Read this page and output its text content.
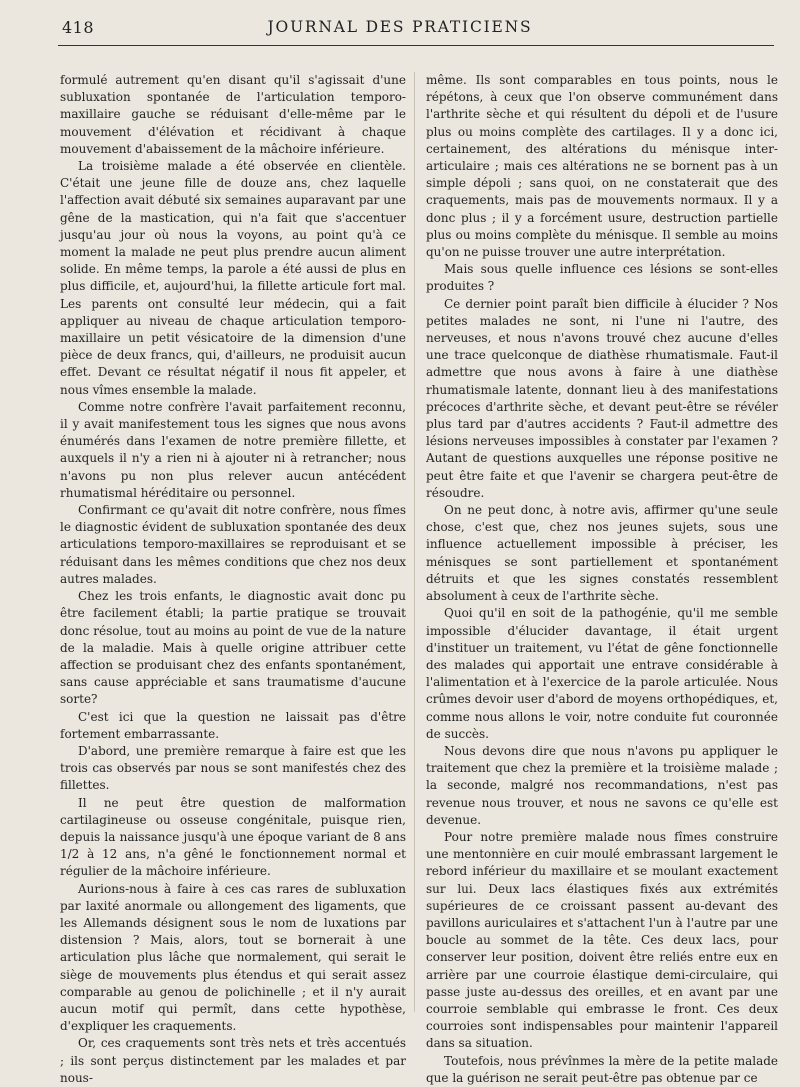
418	JOURNAL DES PRATICIENS

formulé autrement qu'en disant qu'il s'agissait d'une subluxation spontanée de l'articulation temporo-maxillaire gauche se réduisant d'elle-même par le mouvement d'élévation et récidivant à chaque mouvement d'abaissement de la mâchoire inférieure.

La troisième malade a été observée en clientèle. C'était une jeune fille de douze ans, chez laquelle l'affection avait débuté six semaines auparavant par une gêne de la mastication, qui n'a fait que s'accentuer jusqu'au jour où nous la voyons, au point qu'à ce moment la malade ne peut plus prendre aucun aliment solide. En même temps, la parole a été aussi de plus en plus difficile, et, aujourd'hui, la fillette articule fort mal. Les parents ont consulté leur médecin, qui a fait appliquer au niveau de chaque articulation temporo-maxillaire un petit vésicatoire de la dimension d'une pièce de deux francs, qui, d'ailleurs, ne produisit aucun effet. Devant ce résultat négatif il nous fit appeler, et nous vîmes ensemble la malade.

Comme notre confrère l'avait parfaitement reconnu, il y avait manifestement tous les signes que nous avons énumérés dans l'examen de notre première fillette, et auxquels il n'y a rien ni à ajouter ni à retrancher; nous n'avons pu non plus relever aucun antécédent rhumatismal héréditaire ou personnel.

Confirmant ce qu'avait dit notre confrère, nous fîmes le diagnostic évident de subluxation spontanée des deux articulations temporo-maxillaires se reproduisant et se réduisant dans les mêmes conditions que chez nos deux autres malades.

Chez les trois enfants, le diagnostic avait donc pu être facilement établi; la partie pratique se trouvait donc résolue, tout au moins au point de vue de la nature de la maladie. Mais à quelle origine attribuer cette affection se produisant chez des enfants spontanément, sans cause appréciable et sans traumatisme d'aucune sorte?

C'est ici que la question ne laissait pas d'être fortement embarrassante.

D'abord, une première remarque à faire est que les trois cas observés par nous se sont manifestés chez des fillettes.

Il ne peut être question de malformation cartilagineuse ou osseuse congénitale, puisque rien, depuis la naissance jusqu'à une époque variant de 8 ans 1/2 à 12 ans, n'a gêné le fonctionnement normal et régulier de la mâchoire inférieure.

Aurions-nous à faire à ces cas rares de subluxation par laxité anormale ou allongement des ligaments, que les Allemands désignent sous le nom de luxations par distension ? Mais, alors, tout se bornerait à une articulation plus lâche que normalement, qui serait le siège de mouvements plus étendus et qui serait assez comparable au genou de polichinelle ; et il n'y aurait aucun motif qui permît, dans cette hypothèse, d'expliquer les craquements.

Or, ces craquements sont très nets et très accentués ; ils sont perçus distinctement par les malades et par nous-

même. Ils sont comparables en tous points, nous le répétons, à ceux que l'on observe communément dans l'arthrite sèche et qui résultent du dépoli et de l'usure plus ou moins complète des cartilages. Il y a donc ici, certainement, des altérations du ménisque inter-articulaire ; mais ces altérations ne se bornent pas à un simple dépoli ; sans quoi, on ne constaterait que des craquements, mais pas de mouvements normaux. Il y a donc plus ; il y a forcément usure, destruction partielle plus ou moins complète du ménisque. Il semble au moins qu'on ne puisse trouver une autre interprétation.

Mais sous quelle influence ces lésions se sont-elles produites ?

Ce dernier point paraît bien difficile à élucider ? Nos petites malades ne sont, ni l'une ni l'autre, des nerveuses, et nous n'avons trouvé chez aucune d'elles une trace quelconque de diathèse rhumatismale. Faut-il admettre que nous avons à faire à une diathèse rhumatismale latente, donnant lieu à des manifestations précoces d'arthrite sèche, et devant peut-être se révéler plus tard par d'autres accidents ? Faut-il admettre des lésions nerveuses impossibles à constater par l'examen ? Autant de questions auxquelles une réponse positive ne peut être faite et que l'avenir se chargera peut-être de résoudre.

On ne peut donc, à notre avis, affirmer qu'une seule chose, c'est que, chez nos jeunes sujets, sous une influence actuellement impossible à préciser, les ménisques se sont partiellement et spontanément détruits et que les signes constatés ressemblent absolument à ceux de l'arthrite sèche.

Quoi qu'il en soit de la pathogénie, qu'il me semble impossible d'élucider davantage, il était urgent d'instituer un traitement, vu l'état de gêne fonctionnelle des malades qui apportait une entrave considérable à l'alimentation et à l'exercice de la parole articulée. Nous crûmes devoir user d'abord de moyens orthopédiques, et, comme nous allons le voir, notre conduite fut couronnée de succès.

Nous devons dire que nous n'avons pu appliquer le traitement que chez la première et la troisième malade ; la seconde, malgré nos recommandations, n'est pas revenue nous trouver, et nous ne savons ce qu'elle est devenue.

Pour notre première malade nous fîmes construire une mentonnière en cuir moulé embrassant largement le rebord inférieur du maxillaire et se moulant exactement sur lui. Deux lacs élastiques fixés aux extrémités supérieures de ce croissant passent au-devant des pavillons auriculaires et s'attachent l'un à l'autre par une boucle au sommet de la tête. Ces deux lacs, pour conserver leur position, doivent être reliés entre eux en arrière par une courroie élastique demi-circulaire, qui passe juste au-dessus des oreilles, et en avant par une courroie semblable qui embrasse le front. Ces deux courroies sont indispensables pour maintenir l'appareil dans sa situation.

Toutefois, nous prévînmes la mère de la petite malade que la guérison ne serait peut-être pas obtenue par ce
